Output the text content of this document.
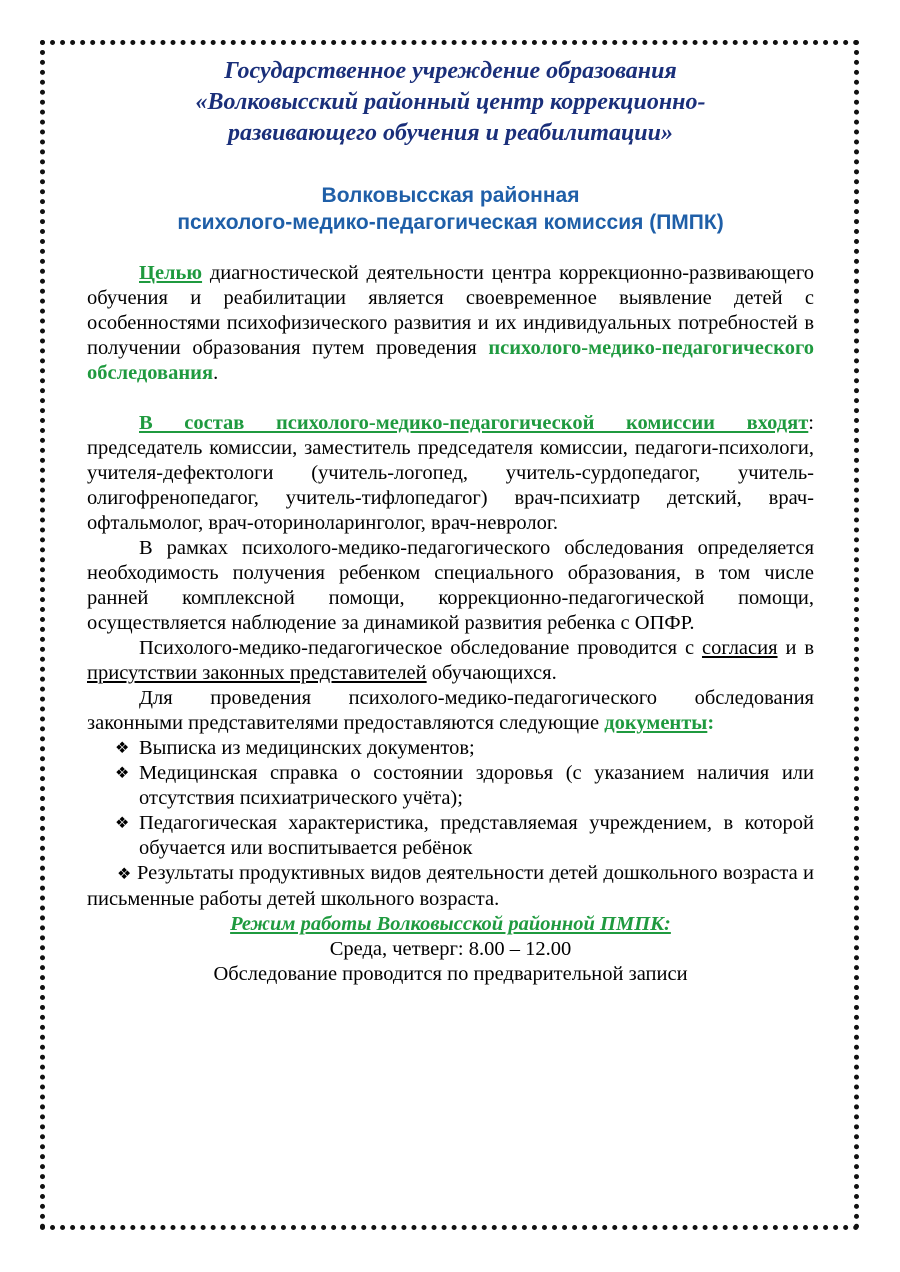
Государственное учреждение образования
«Волковысский районный центр коррекционно-
развивающего обучения и реабилитации»

Волковысская районная
психолого-медико-педагогическая комиссия (ПМПК)

Целью диагностической деятельности центра коррекционно-развивающего обучения и реабилитации является своевременное выявление детей с особенностями психофизического развития и их индивидуальных потребностей в получении образования путем проведения психолого-медико-педагогического обследования.

В состав психолого-медико-педагогической комиссии входят: председатель комиссии, заместитель председателя комиссии, педагоги-психологи, учителя-дефектологи (учитель-логопед, учитель-сурдопедагог, учитель- олигофренопедагог, учитель-тифлопедагог) врач-психиатр детский, врач-офтальмолог, врач-оториноларинголог, врач-невролог.

В рамках психолого-медико-педагогического обследования определяется необходимость получения ребенком специального образования, в том числе ранней комплексной помощи, коррекционно-педагогической помощи, осуществляется наблюдение за динамикой развития ребенка с ОПФР.

Психолого-медико-педагогическое обследование проводится с согласия и в присутствии законных представителей обучающихся.

Для проведения психолого-медико-педагогического обследования законными представителями предоставляются следующие документы:

❖ Выписка из медицинских документов;
❖ Медицинская справка о состоянии здоровья (с указанием наличия или отсутствия психиатрического учёта);
❖ Педагогическая характеристика, представляемая учреждением, в которой обучается или воспитывается ребёнок

❖ Результаты продуктивных видов деятельности детей дошкольного возраста и письменные работы детей школьного возраста.

Режим работы Волковысской районной ПМПК:

Среда, четверг: 8.00 – 12.00

Обследование проводится по предварительной записи
